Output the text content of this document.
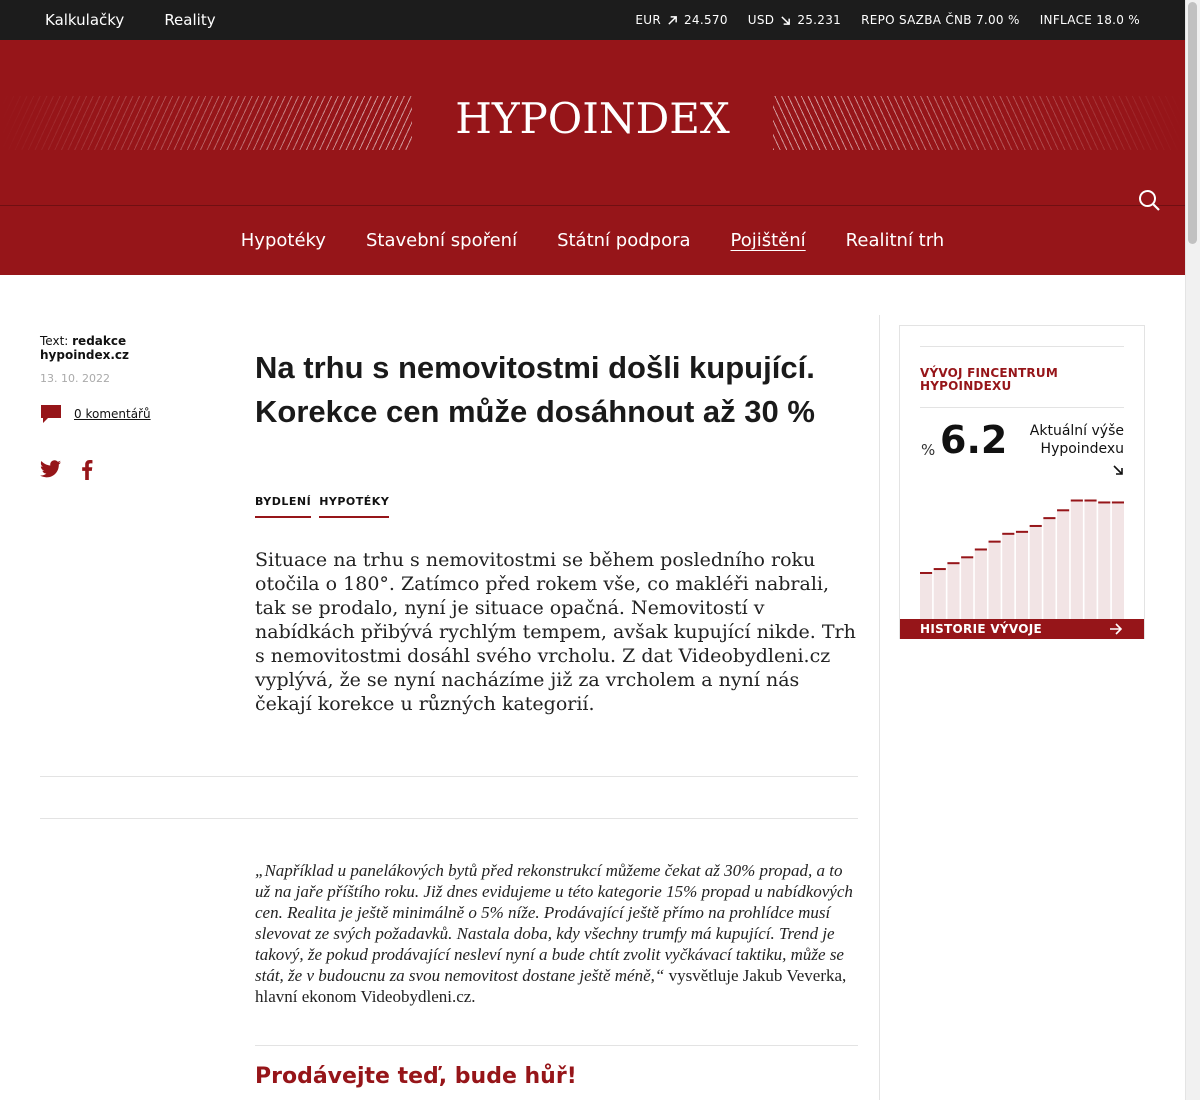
Kalkulačky	Reality	EUR 24.570 USD 25.231 REPO SAZBA ČNB 7.00 % INFLACE 18.0 %
HYPOINDEX
Hypotéky Stavební spoření Státní podpora Pojištění Realitní trh
Text: redakce hypoindex.cz
13. 10. 2022
0 komentářů
Na trhu s nemovitostmi došli kupující. Korekce cen může dosáhnout až 30 %
BYDLENÍ HYPOTÉKY

Situace na trhu s nemovitostmi se během posledního roku otočila o 180°. Zatímco před rokem vše, co makléři nabrali, tak se prodalo, nyní je situace opačná. Nemovitostí v nabídkách přibývá rychlým tempem, avšak kupující nikde. Trh s nemovitostmi dosáhl svého vrcholu. Z dat Videobydleni.cz vyplývá, že se nyní nacházíme již za vrcholem a nyní nás čekají korekce u různých kategorií.

„Například u panelákových bytů před rekonstrukcí můžeme čekat až 30% propad, a to už na jaře příštího roku. Již dnes evidujeme u této kategorie 15% propad u nabídkových cen. Realita je ještě minimálně o 5% níže. Prodávající ještě přímo na prohlídce musí slevovat ze svých požadavků. Nastala doba, kdy všechny trumfy má kupující. Trend je takový, že pokud prodávající nesleví nyní a bude chtít zvolit vyčkávací taktiku, může se stát, že v budoucnu za svou nemovitost dostane ještě méně,“ vysvětluje Jakub Veverka, hlavní ekonom Videobydleni.cz.

Prodávejte teď, bude hůř!
VÝVOJ FINCENTRUM HYPOINDEXU
% 6.2	Aktuální výše Hypoindexu
HISTORIE VÝVOJE
